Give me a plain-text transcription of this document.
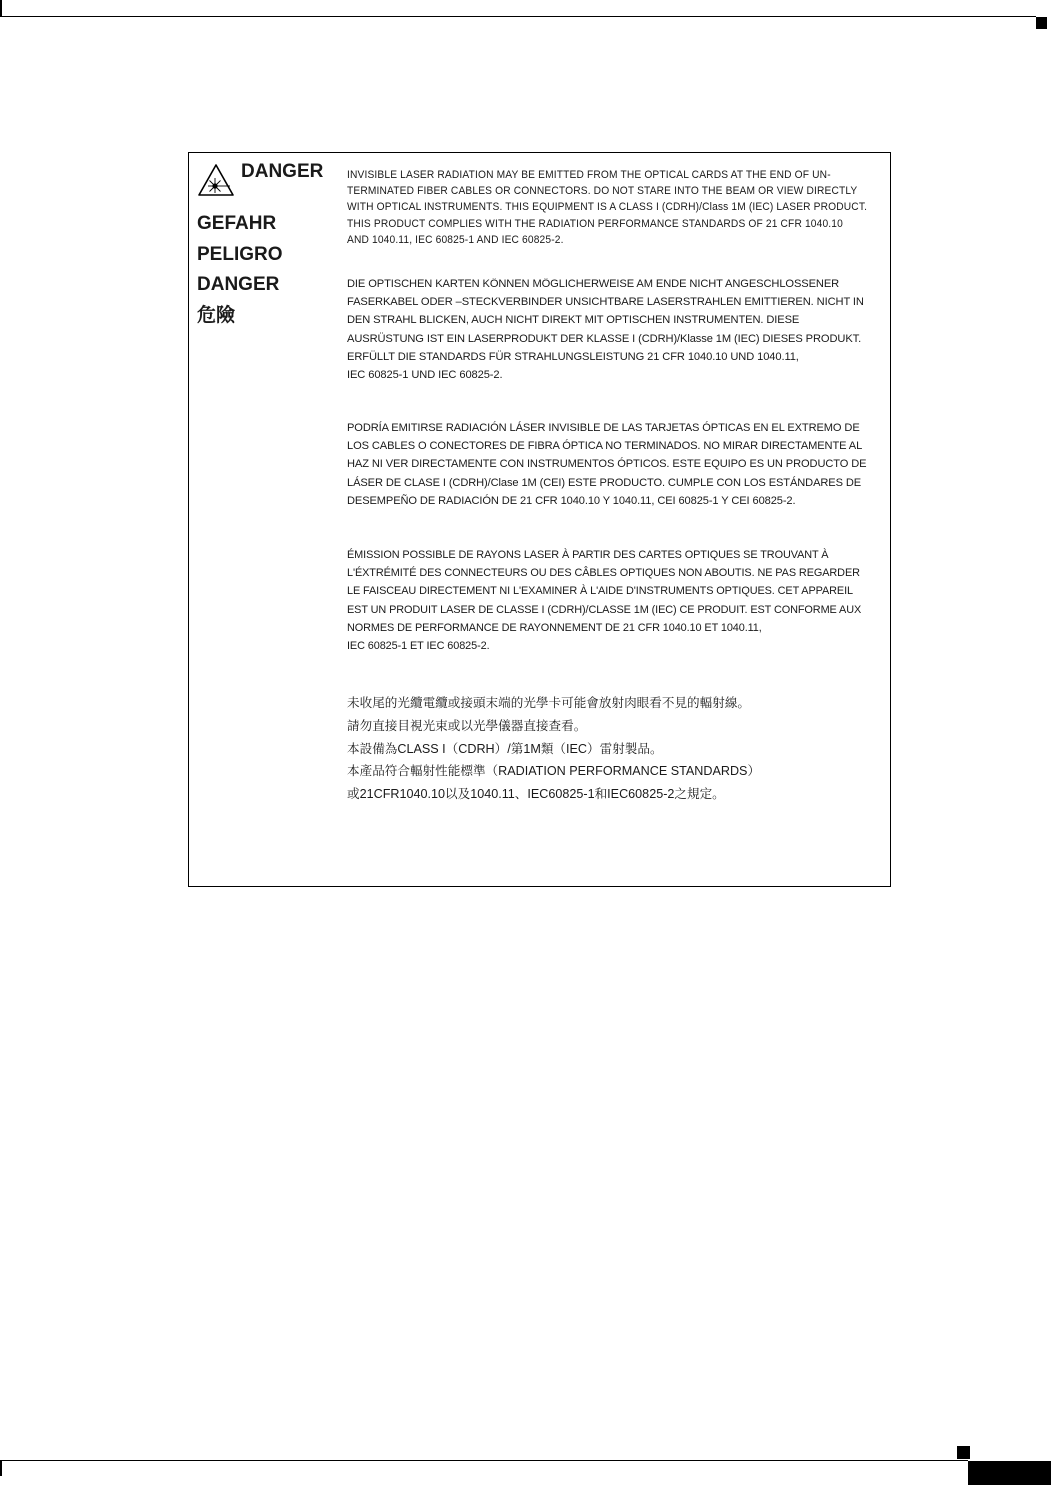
DANGER
GEFAHR
PELIGRO
DANGER
危險

INVISIBLE LASER RADIATION MAY BE EMITTED FROM THE OPTICAL CARDS AT THE END OF UN-
TERMINATED FIBER CABLES OR CONNECTORS. DO NOT STARE INTO THE BEAM OR VIEW DIRECTLY
WITH OPTICAL INSTRUMENTS. THIS EQUIPMENT IS A CLASS I (CDRH)/Class 1M (IEC) LASER PRODUCT.
THIS PRODUCT COMPLIES WITH THE RADIATION PERFORMANCE STANDARDS OF 21 CFR 1040.10
AND 1040.11, IEC 60825-1 AND IEC 60825-2.

DIE OPTISCHEN KARTEN KÖNNEN MÖGLICHERWEISE AM ENDE NICHT ANGESCHLOSSENER
FASERKABEL ODER –STECKVERBINDER UNSICHTBARE LASERSTRAHLEN EMITTIEREN. NICHT IN
DEN STRAHL BLICKEN, AUCH NICHT DIREKT MIT OPTISCHEN INSTRUMENTEN. DIESE
AUSRÜSTUNG IST EIN LASERPRODUKT DER KLASSE I (CDRH)/Klasse 1M (IEC) DIESES PRODUKT.
ERFÜLLT DIE STANDARDS FÜR STRAHLUNGSLEISTUNG 21 CFR 1040.10 UND 1040.11,
IEC 60825-1 UND IEC 60825-2.

PODRÍA EMITIRSE RADIACIÓN LÁSER INVISIBLE DE LAS TARJETAS ÓPTICAS EN EL EXTREMO DE
LOS CABLES O CONECTORES DE FIBRA ÓPTICA NO TERMINADOS. NO MIRAR DIRECTAMENTE AL
HAZ NI VER DIRECTAMENTE CON INSTRUMENTOS ÓPTICOS. ESTE EQUIPO ES UN PRODUCTO DE
LÁSER DE CLASE I (CDRH)/Clase 1M (CEI) ESTE PRODUCTO. CUMPLE CON LOS ESTÁNDARES DE
DESEMPEÑO DE RADIACIÓN DE 21 CFR 1040.10 Y 1040.11, CEI 60825-1 Y CEI 60825-2.

ÉMISSION POSSIBLE DE RAYONS LASER À PARTIR DES CARTES OPTIQUES SE TROUVANT À
L'ÉXTRÉMITÉ DES CONNECTEURS OU DES CÂBLES OPTIQUES NON ABOUTIS. NE PAS REGARDER
LE FAISCEAU DIRECTEMENT NI L'EXAMINER À L'AIDE D'INSTRUMENTS OPTIQUES. CET APPAREIL
EST UN PRODUIT LASER DE CLASSE I (CDRH)/CLASSE 1M (IEC) CE PRODUIT. EST CONFORME AUX
NORMES DE PERFORMANCE DE RAYONNEMENT DE 21 CFR 1040.10 ET 1040.11,
IEC 60825-1 ET IEC 60825-2.

未收尾的光纜電纜或接頭末端的光學卡可能會放射肉眼看不見的輻射線。
請勿直接目視光束或以光學儀器直接查看。
本設備為CLASS I（CDRH）/第1M類（IEC）雷射製品。
本產品符合輻射性能標準（RADIATION PERFORMANCE STANDARDS）
或21CFR1040.10以及1040.11、IEC60825-1和IEC60825-2之規定。
